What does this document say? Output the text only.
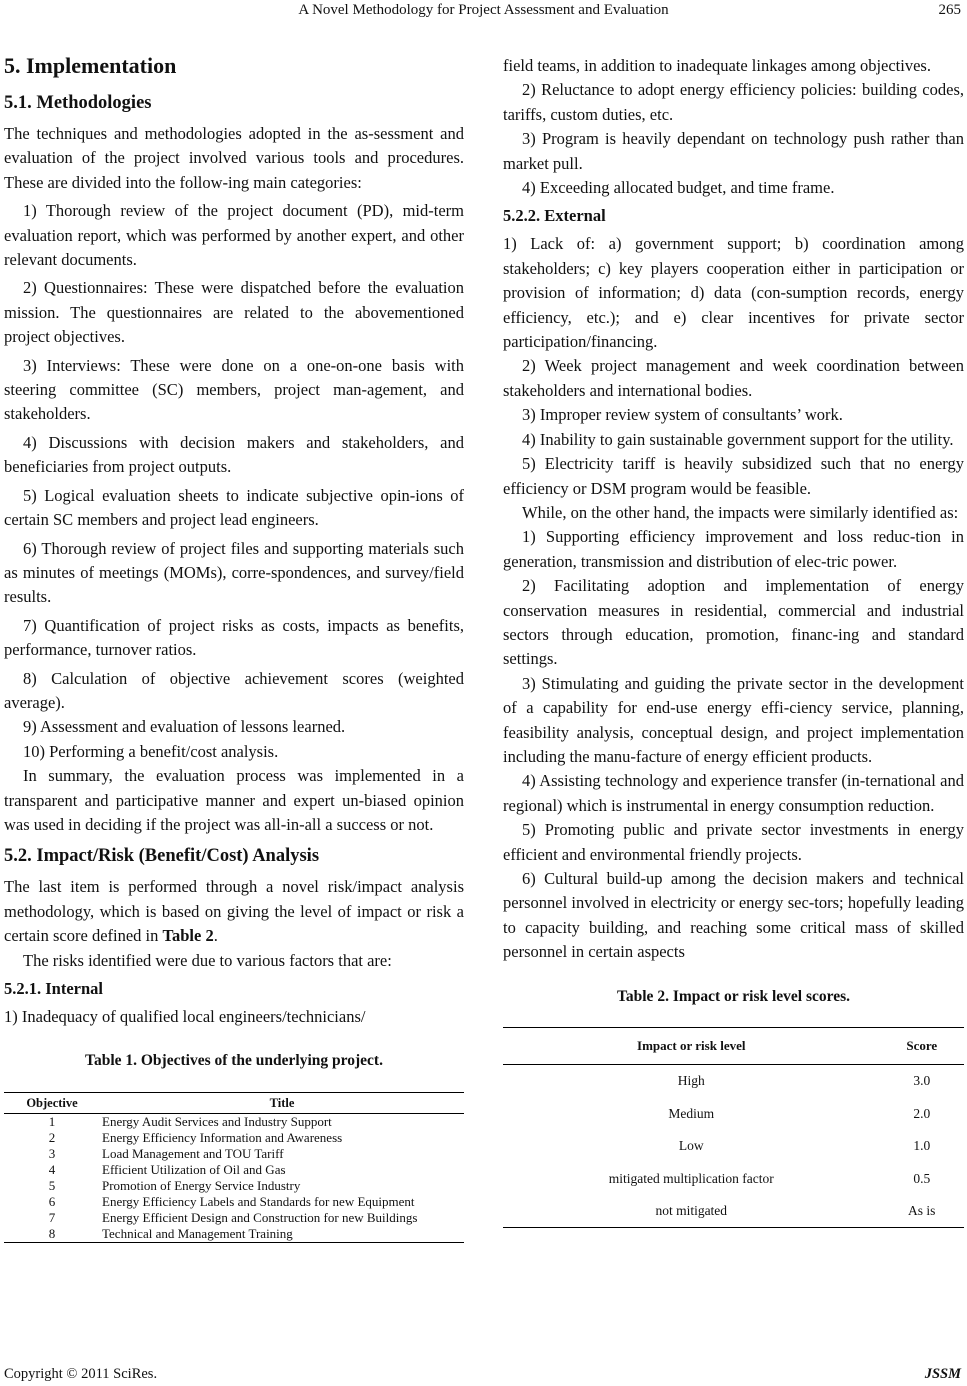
A Novel Methodology for Project Assessment and Evaluation	265
5. Implementation
5.1. Methodologies

The techniques and methodologies adopted in the as-sessment and evaluation of the project involved various tools and procedures. These are divided into the follow-ing main categories:

1) Thorough review of the project document (PD), mid-term evaluation report, which was performed by another expert, and other relevant documents.

2) Questionnaires: These were dispatched before the evaluation mission. The questionnaires are related to the abovementioned project objectives.

3) Interviews: These were done on a one-on-one basis with steering committee (SC) members, project man-agement, and stakeholders.

4) Discussions with decision makers and stakeholders, and beneficiaries from project outputs.

5) Logical evaluation sheets to indicate subjective opin-ions of certain SC members and project lead engineers.

6) Thorough review of project files and supporting materials such as minutes of meetings (MOMs), corre-spondences, and survey/field results.

7) Quantification of project risks as costs, impacts as benefits, performance, turnover ratios.

8) Calculation of objective achievement scores (weighted average).

9) Assessment and evaluation of lessons learned.

10) Performing a benefit/cost analysis.

In summary, the evaluation process was implemented in a transparent and participative manner and expert un-biased opinion was used in deciding if the project was all-in-all a success or not.

5.2. Impact/Risk (Benefit/Cost) Analysis

The last item is performed through a novel risk/impact analysis methodology, which is based on giving the level of impact or risk a certain score defined in Table 2.

The risks identified were due to various factors that are:

5.2.1. Internal

1) Inadequacy of qualified local engineers/technicians/

Table 1. Objectives of the underlying project.
Objective	Title
1	Energy Audit Services and Industry Support
2	Energy Efficiency Information and Awareness
3	Load Management and TOU Tariff
4	Efficient Utilization of Oil and Gas
5	Promotion of Energy Service Industry
6	Energy Efficiency Labels and Standards for new Equipment
7	Energy Efficient Design and Construction for new Buildings
8	Technical and Management Training

field teams, in addition to inadequate linkages among objectives.

2) Reluctance to adopt energy efficiency policies: building codes, tariffs, custom duties, etc.

3) Program is heavily dependant on technology push rather than market pull.

4) Exceeding allocated budget, and time frame.

5.2.2. External

1) Lack of: a) government support; b) coordination among stakeholders; c) key players cooperation either in participation or provision of information; d) data (con-sumption records, energy efficiency, etc.); and e) clear incentives for private sector participation/financing.

2) Week project management and week coordination between stakeholders and international bodies.

3) Improper review system of consultants’ work.

4) Inability to gain sustainable government support for the utility.

5) Electricity tariff is heavily subsidized such that no energy efficiency or DSM program would be feasible.

While, on the other hand, the impacts were similarly identified as:

1) Supporting efficiency improvement and loss reduc-tion in generation, transmission and distribution of elec-tric power.

2) Facilitating adoption and implementation of energy conservation measures in residential, commercial and industrial sectors through education, promotion, financ-ing and standard settings.

3) Stimulating and guiding the private sector in the development of a capability for end-use energy effi-ciency service, planning, feasibility analysis, conceptual design, and project implementation including the manu-facture of energy efficient products.

4) Assisting technology and experience transfer (in-ternational and regional) which is instrumental in energy consumption reduction.

5) Promoting public and private sector investments in energy efficient and environmental friendly projects.

6) Cultural build-up among the decision makers and technical personnel involved in electricity or energy sec-tors; hopefully leading to capacity building, and reaching some critical mass of skilled personnel in certain aspects

Table 2. Impact or risk level scores.
Impact or risk level	Score
High	3.0
Medium	2.0
Low	1.0
mitigated multiplication factor	0.5
not mitigated	As is
Copyright © 2011 SciRes.	JSSM
